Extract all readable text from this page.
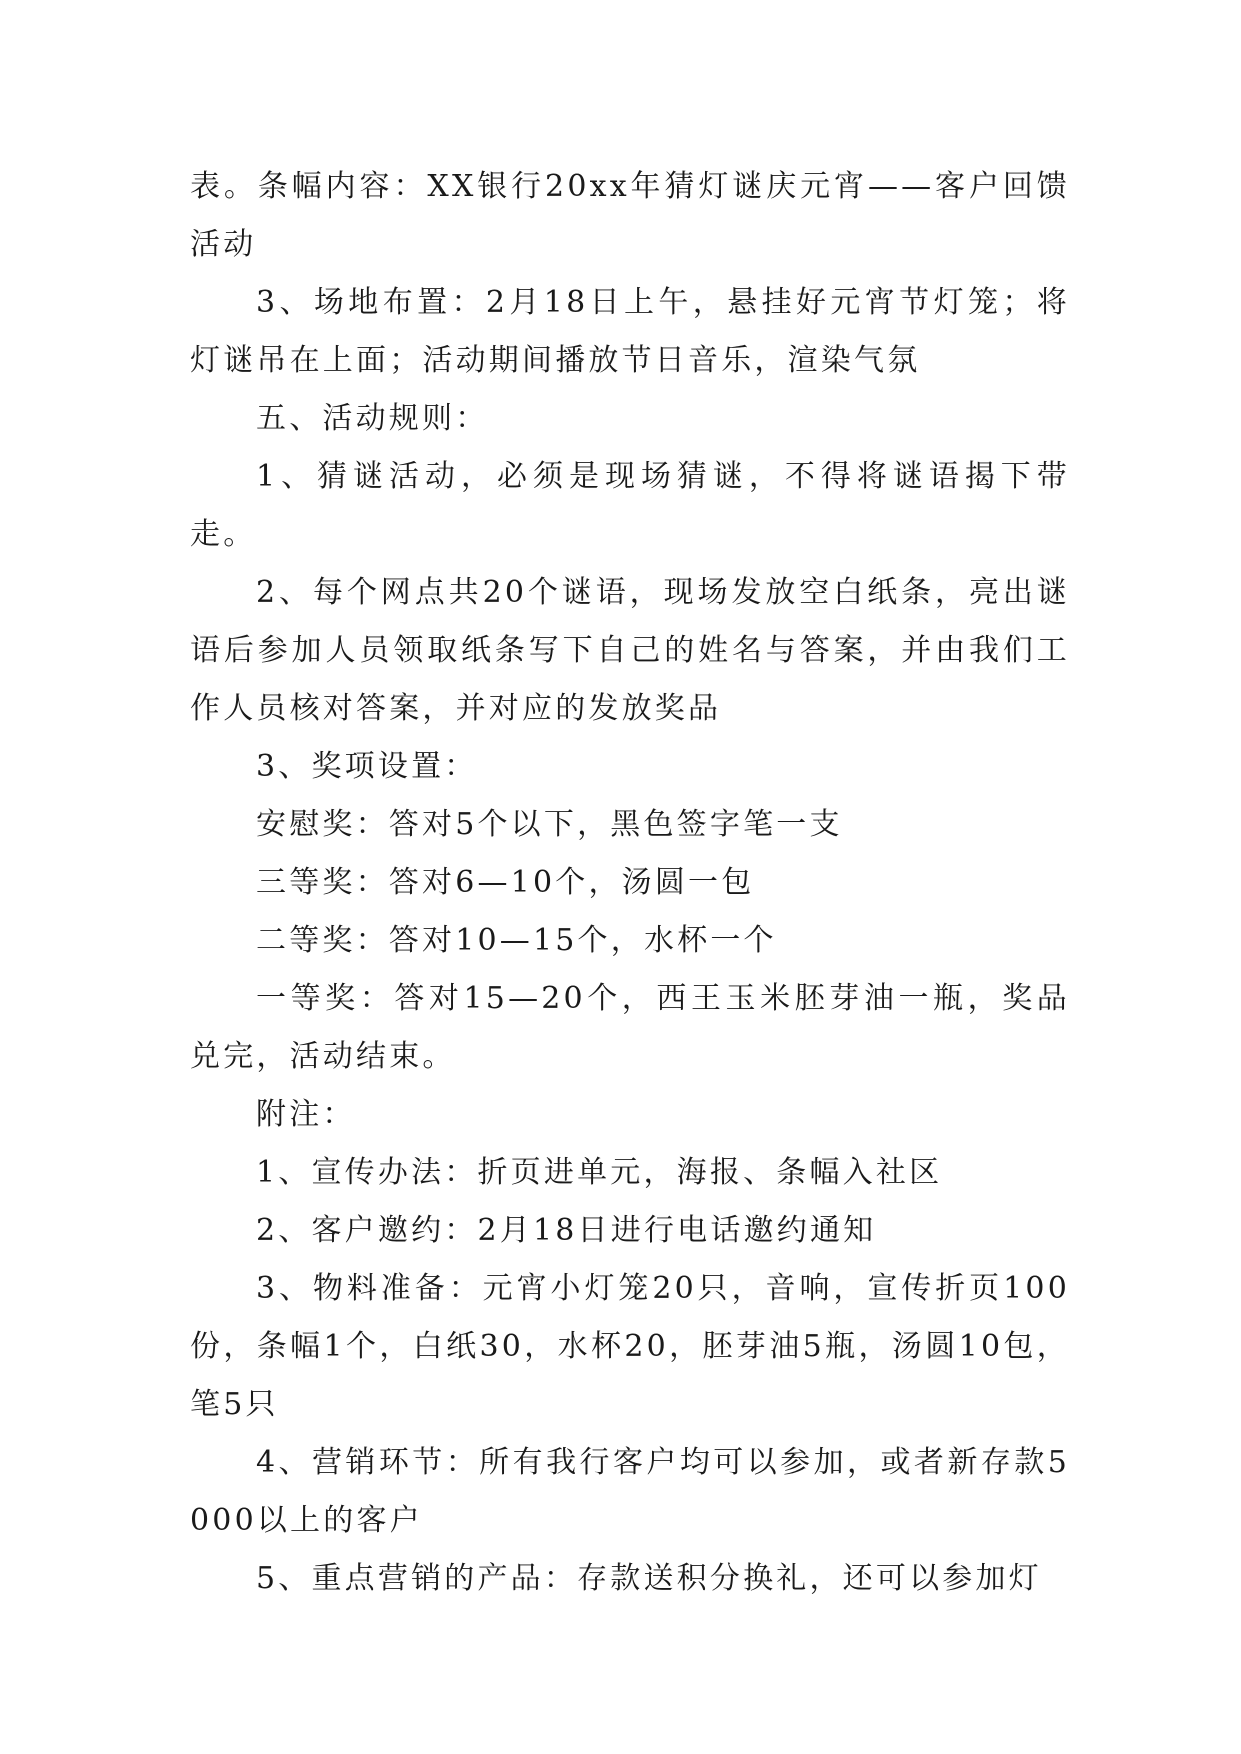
表。条幅内容：XX银行20xx年猜灯谜庆元宵——客户回馈活动

3、场地布置：2月18日上午，悬挂好元宵节灯笼；将灯谜吊在上面；活动期间播放节日音乐，渲染气氛

五、活动规则：

1、猜谜活动，必须是现场猜谜，不得将谜语揭下带走。

2、每个网点共20个谜语，现场发放空白纸条，亮出谜语后参加人员领取纸条写下自己的姓名与答案，并由我们工作人员核对答案，并对应的发放奖品

3、奖项设置：

安慰奖：答对5个以下，黑色签字笔一支

三等奖：答对6—10个，汤圆一包

二等奖：答对10—15个，水杯一个

一等奖：答对15—20个，西王玉米胚芽油一瓶，奖品兑完，活动结束。

附注：

1、宣传办法：折页进单元，海报、条幅入社区

2、客户邀约：2月18日进行电话邀约通知

3、物料准备：元宵小灯笼20只，音响，宣传折页100份，条幅1个，白纸30，水杯20，胚芽油5瓶，汤圆10包，笔5只

4、营销环节：所有我行客户均可以参加，或者新存款5000以上的客户

5、重点营销的产品：存款送积分换礼，还可以参加灯
